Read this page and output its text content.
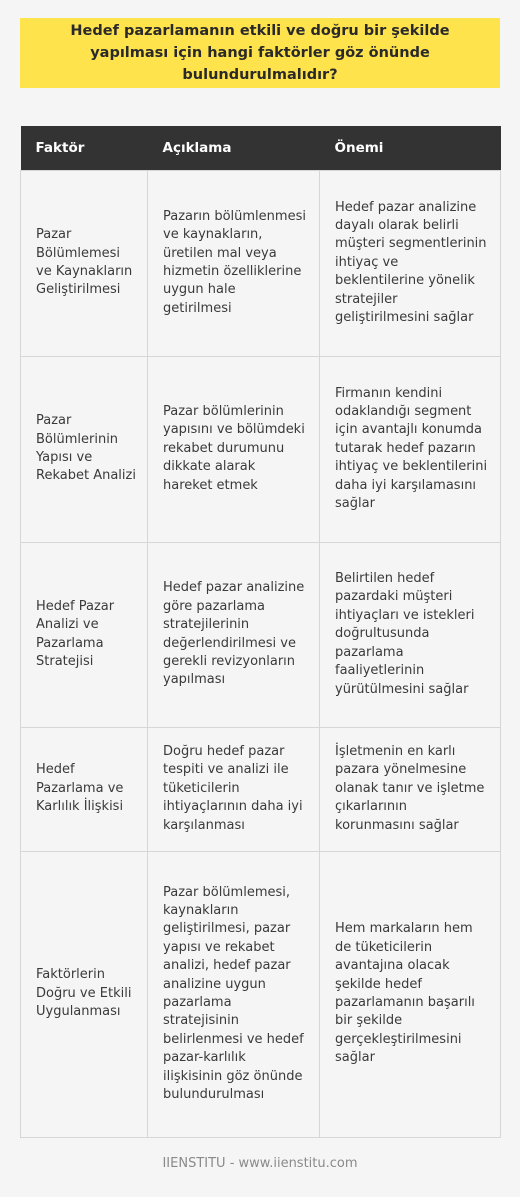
Hedef pazarlamanın etkili ve doğru bir şekilde yapılması için hangi faktörler göz önünde bulundurulmalıdır?
Faktör	Açıklama	Önemi
Pazar Bölümlemesi ve Kaynakların Geliştirilmesi	Pazarın bölümlenmesi ve kaynakların, üretilen mal veya hizmetin özelliklerine uygun hale getirilmesi	Hedef pazar analizine dayalı olarak belirli müşteri segmentlerinin ihtiyaç ve beklentilerine yönelik stratejiler geliştirilmesini sağlar
Pazar Bölümlerinin Yapısı ve Rekabet Analizi	Pazar bölümlerinin yapısını ve bölümdeki rekabet durumunu dikkate alarak hareket etmek	Firmanın kendini odaklandığı segment için avantajlı konumda tutarak hedef pazarın ihtiyaç ve beklentilerini daha iyi karşılamasını sağlar
Hedef Pazar Analizi ve Pazarlama Stratejisi	Hedef pazar analizine göre pazarlama stratejilerinin değerlendirilmesi ve gerekli revizyonların yapılması	Belirtilen hedef pazardaki müşteri ihtiyaçları ve istekleri doğrultusunda pazarlama faaliyetlerinin yürütülmesini sağlar
Hedef Pazarlama ve Karlılık İlişkisi	Doğru hedef pazar tespiti ve analizi ile tüketicilerin ihtiyaçlarının daha iyi karşılanması	İşletmenin en karlı pazara yönelmesine olanak tanır ve işletme çıkarlarının korunmasını sağlar
Faktörlerin Doğru ve Etkili Uygulanması	Pazar bölümlemesi, kaynakların geliştirilmesi, pazar yapısı ve rekabet analizi, hedef pazar analizine uygun pazarlama stratejisinin belirlenmesi ve hedef pazar-karlılık ilişkisinin göz önünde bulundurulması	Hem markaların hem de tüketicilerin avantajına olacak şekilde hedef pazarlamanın başarılı bir şekilde gerçekleştirilmesini sağlar
IIENSTITU - www.iienstitu.com
